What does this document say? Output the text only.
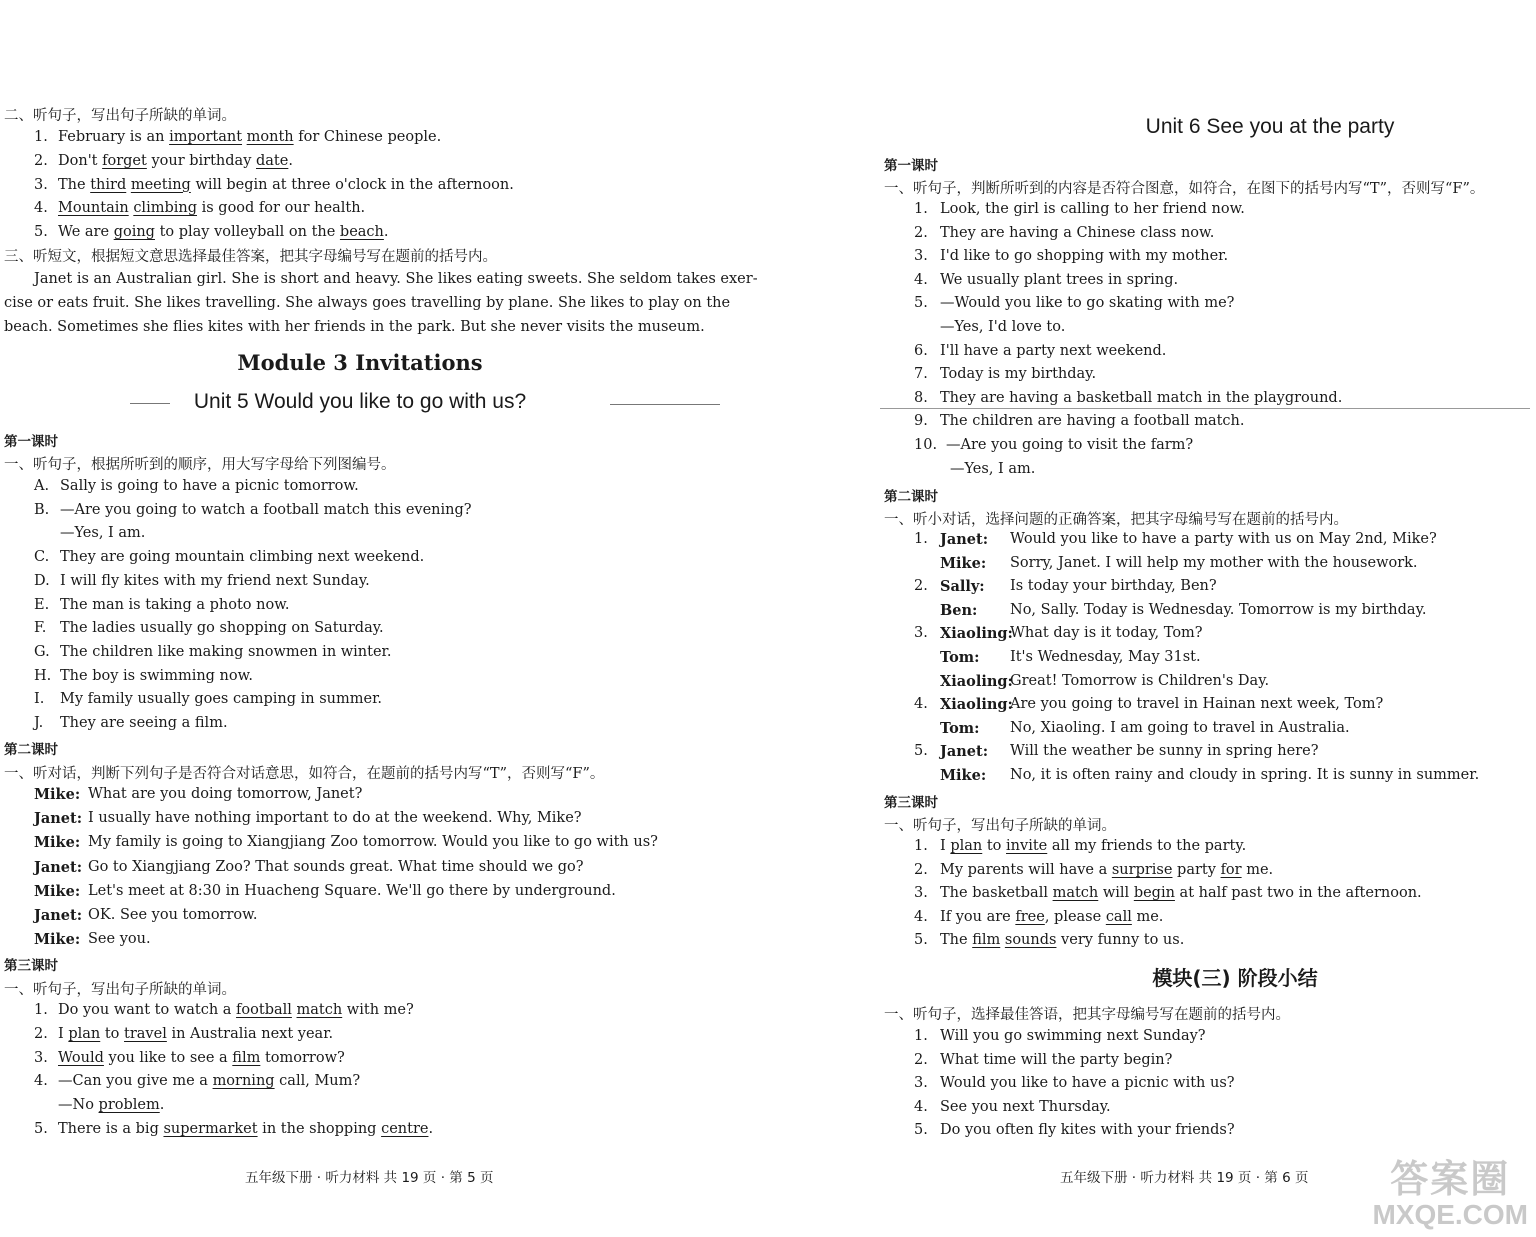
二、听句子，写出句子所缺的单词。
1. February is an important month for Chinese people.
2. Don't forget your birthday date.
3. The third meeting will begin at three o'clock in the afternoon.
4. Mountain climbing is good for our health.
5. We are going to play volleyball on the beach.
三、听短文，根据短文意思选择最佳答案，把其字母编号写在题前的括号内。
Janet is an Australian girl. She is short and heavy. She likes eating sweets. She seldom takes exer-
cise or eats fruit. She likes travelling. She always goes travelling by plane. She likes to play on the
beach. Sometimes she flies kites with her friends in the park. But she never visits the museum.
Module 3 Invitations
Unit 5 Would you like to go with us?
第一课时
一、听句子，根据所听到的顺序，用大写字母给下列图编号。
A. Sally is going to have a picnic tomorrow.
B. —Are you going to watch a football match this evening?
—Yes, I am.
C. They are going mountain climbing next weekend.
D. I will fly kites with my friend next Sunday.
E. The man is taking a photo now.
F. The ladies usually go shopping on Saturday.
G. The children like making snowmen in winter.
H. The boy is swimming now.
I. My family usually goes camping in summer.
J. They are seeing a film.
第二课时
一、听对话，判断下列句子是否符合对话意思，如符合，在题前的括号内写“T”，否则写“F”。
Mike: What are you doing tomorrow, Janet?
Janet: I usually have nothing important to do at the weekend. Why, Mike?
Mike: My family is going to Xiangjiang Zoo tomorrow. Would you like to go with us?
Janet: Go to Xiangjiang Zoo? That sounds great. What time should we go?
Mike: Let's meet at 8:30 in Huacheng Square. We'll go there by underground.
Janet: OK. See you tomorrow.
Mike: See you.
第三课时
一、听句子，写出句子所缺的单词。
1. Do you want to watch a football match with me?
2. I plan to travel in Australia next year.
3. Would you like to see a film tomorrow?
4. —Can you give me a morning call, Mum?
—No problem.
5. There is a big supermarket in the shopping centre.
五年级下册 · 听力材料 共 19 页 · 第 5 页
Unit 6 See you at the party
第一课时
一、听句子，判断所听到的内容是否符合图意，如符合，在图下的括号内写“T”，否则写“F”。
1. Look, the girl is calling to her friend now.
2. They are having a Chinese class now.
3. I'd like to go shopping with my mother.
4. We usually plant trees in spring.
5. —Would you like to go skating with me?
—Yes, I'd love to.
6. I'll have a party next weekend.
7. Today is my birthday.
8. They are having a basketball match in the playground.
9. The children are having a football match.
10. —Are you going to visit the farm?
—Yes, I am.
第二课时
一、听小对话，选择问题的正确答案，把其字母编号写在题前的括号内。
1. Janet: Would you like to have a party with us on May 2nd, Mike?
Mike: Sorry, Janet. I will help my mother with the housework.
2. Sally: Is today your birthday, Ben?
Ben: No, Sally. Today is Wednesday. Tomorrow is my birthday.
3. Xiaoling:
What day is it today, Tom?
Tom: It's Wednesday, May 31st.
Xiaoling:
Great! Tomorrow is Children's Day.
4. Xiaoling:
Are you going to travel in Hainan next week, Tom?
Tom: No, Xiaoling. I am going to travel in Australia.
5. Janet: Will the weather be sunny in spring here?
Mike: No, it is often rainy and cloudy in spring. It is sunny in summer.
第三课时
一、听句子，写出句子所缺的单词。
1. I plan to invite all my friends to the party.
2. My parents will have a surprise party for me.
3. The basketball match will begin at half past two in the afternoon.
4. If you are free, please call me.
5. The film sounds very funny to us.
模块(三) 阶段小结
一、听句子，选择最佳答语，把其字母编号写在题前的括号内。
1. Will you go swimming next Sunday?
2. What time will the party begin?
3. Would you like to have a picnic with us?
4. See you next Thursday.
5. Do you often fly kites with your friends?
五年级下册 · 听力材料 共 19 页 · 第 6 页	答案圈
MXQE.COM
